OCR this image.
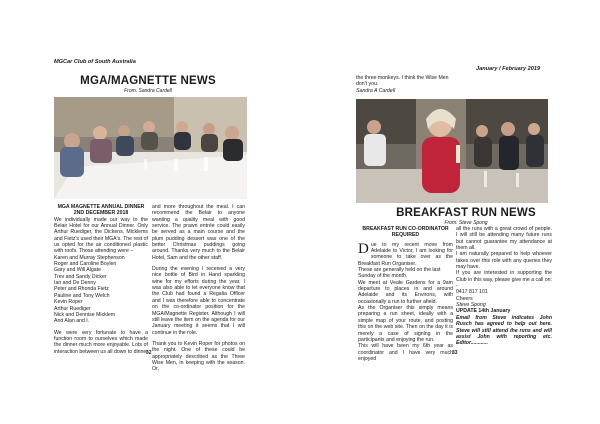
MGCar Club of South Australia
MGA/MAGNETTE NEWS
From. Sandra Cardell

MGA MAGNETTE ANNUAL DINNER 2ND DECEMBER 2018

We individually made our way to the Belair Hotel for our Annual Dinner. Only Arthur Ruediger, the Dickens, Micklems and Fietz's used their MGA's. The rest of us opted for the air conditioned plastic with roofs. Those attending were –

Karen and Murray Stephenson

Roger and Caroline Boylen

Gary and Will Algate

Trev and Sandy Dicker

Ian and De Denny

Peter and Rhonda Fietz

Pauline and Tony Welch

Kevin Roper

Arthur Ruediger

Nick and Dennise Micklem

And Alan and I.

We were very fortunate to have a function room to ourselves which made the dinner much more enjoyable. Lots of interaction between us all down to dinner

and more throughout the meal. I can recommend the Belair to anyone wanting a quality meal with good service. The prawn entrée could easily be served as a main course and the plum pudding dessert was one of the better Christmas puddings going around. Thanks very much to the Belair Hotel, Sam and the other staff.

During the evening I received a very nice bottle of Bird in Hand sparkling wine for my efforts during the year. I was also able to let everyone know that the Club had found a Regalia Officer and I was therefore able to concentrate on the co-ordinator position for the MGA/Magnette Register. Although I will still leave the item on the agenda for our January meeting it seems that I will continue in the role.

Thank you to Kevin Roper for photos on the night. One of these could be appropriately described as the Three Wise Men, in keeping with the season. Or,

32

the three monkeys. I think the Wise Men don't you.

Sandra A Cardell

January / February 2019
BREAKFAST RUN NEWS
From. Steve Spong

BREAKFAST RUN CO-ORDINATOR REQUIRED

D ue to my recent move from Adelaide to Victor, I am looking for someone to take over as the Breakfast Run Organiser.

These are generally held on the last Sunday of the month.

We meet at Veale Gardens for a 9am departure to places in and around Adelaide and its Environs, with occasionally a run to further afield.

As the Organiser this simply means preparing a run sheet, ideally with a simple map of your route, and posting this on the web site. Then on the day it is merely a case of signing in the participants and enjoying the run.

This will have been my 6th year as coordinator and I have very much enjoyed

all the runs with a great crowd of people. I will still be attending many future runs but cannot guarantee my attendance at them all.

I am naturally prepared to help whoever takes over this role with any queries they may have.

If you are interested in supporting the Club in this way, please give me a call on: -

0417 817 101

Cheers

Steve Spong

UPDATE 14th January

Email from Steve indicates John Rusch has agreed to help out here. Steve will still attend the runs and will assist John with reporting etc. Editor............

33
